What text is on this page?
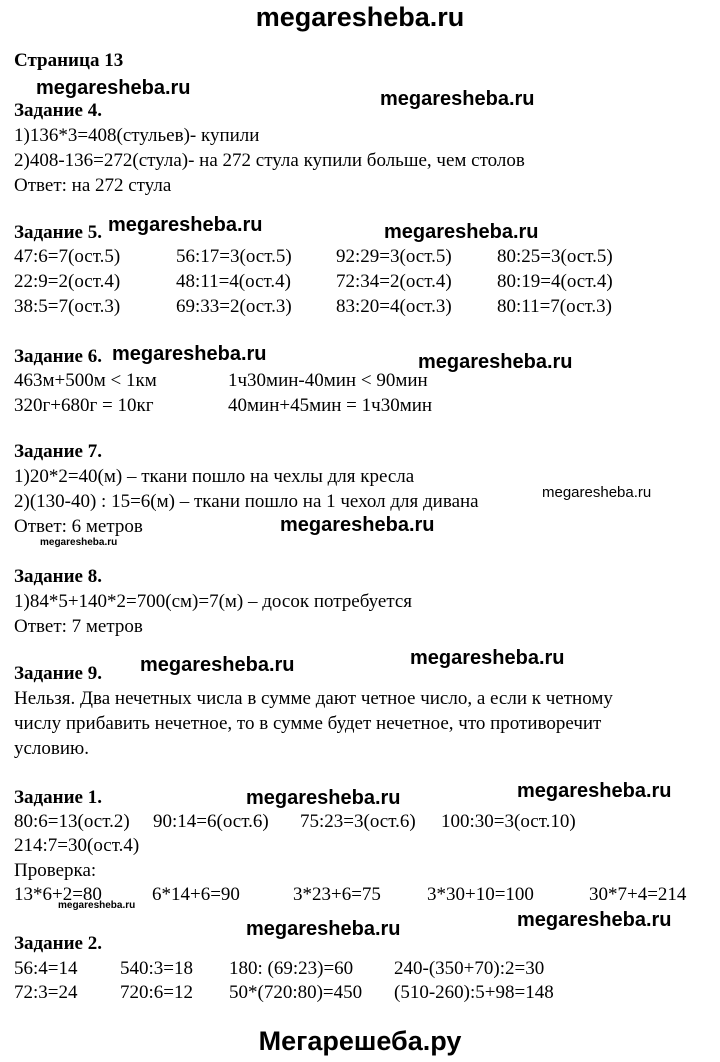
megaresheba.ru
Мегарешеба.ру
Страница 13
megaresheba.ru	megaresheba.ru
megaresheba.ru	megaresheba.ru
megaresheba.ru	megaresheba.ru
megaresheba.ru
megaresheba.ru
megaresheba.ru
megaresheba.ru	megaresheba.ru
megaresheba.ru	megaresheba.ru
megaresheba.ru
megaresheba.ru
megaresheba.ru
Задание 4.
1)136*3=408(стульев)- купили
2)408-136=272(стула)- на 272 стула купили больше, чем столов
Ответ: на 272 стула
Задание 5.
47:6=7(ост.5)	56:17=3(ост.5) 92:29=3(ост.5) 80:25=3(ост.5)
22:9=2(ост.4)	48:11=4(ост.4) 72:34=2(ост.4) 80:19=4(ост.4)
38:5=7(ост.3)	69:33=2(ост.3) 83:20=4(ост.3) 80:11=7(ост.3)
Задание 6.
463м+500м < 1км	1ч30мин-40мин < 90мин
320г+680г = 10кг	40мин+45мин = 1ч30мин
Задание 7.
1)20*2=40(м) – ткани пошло на чехлы для кресла
2)(130-40) : 15=6(м) – ткани пошло на 1 чехол для дивана
Ответ: 6 метров
Задание 8.
1)84*5+140*2=700(см)=7(м) – досок потребуется
Ответ: 7 метров
Задание 9.
Нельзя. Два нечетных числа в сумме дают четное число, а если к четному
числу прибавить нечетное, то в сумме будет нечетное, что противоречит
условию.
Задание 1.
80:6=13(ост.2) 90:14=6(ост.6) 75:23=3(ост.6) 100:30=3(ост.10)
214:7=30(ост.4)
Проверка:
13*6+2=80	6*14+6=90	3*23+6=75 3*30+10=100	30*7+4=214
Задание 2.
56:4=14 540:3=18 180: (69:23)=60 240-(350+70):2=30
72:3=24 720:6=12 50*(720:80)=450 (510-260):5+98=148
